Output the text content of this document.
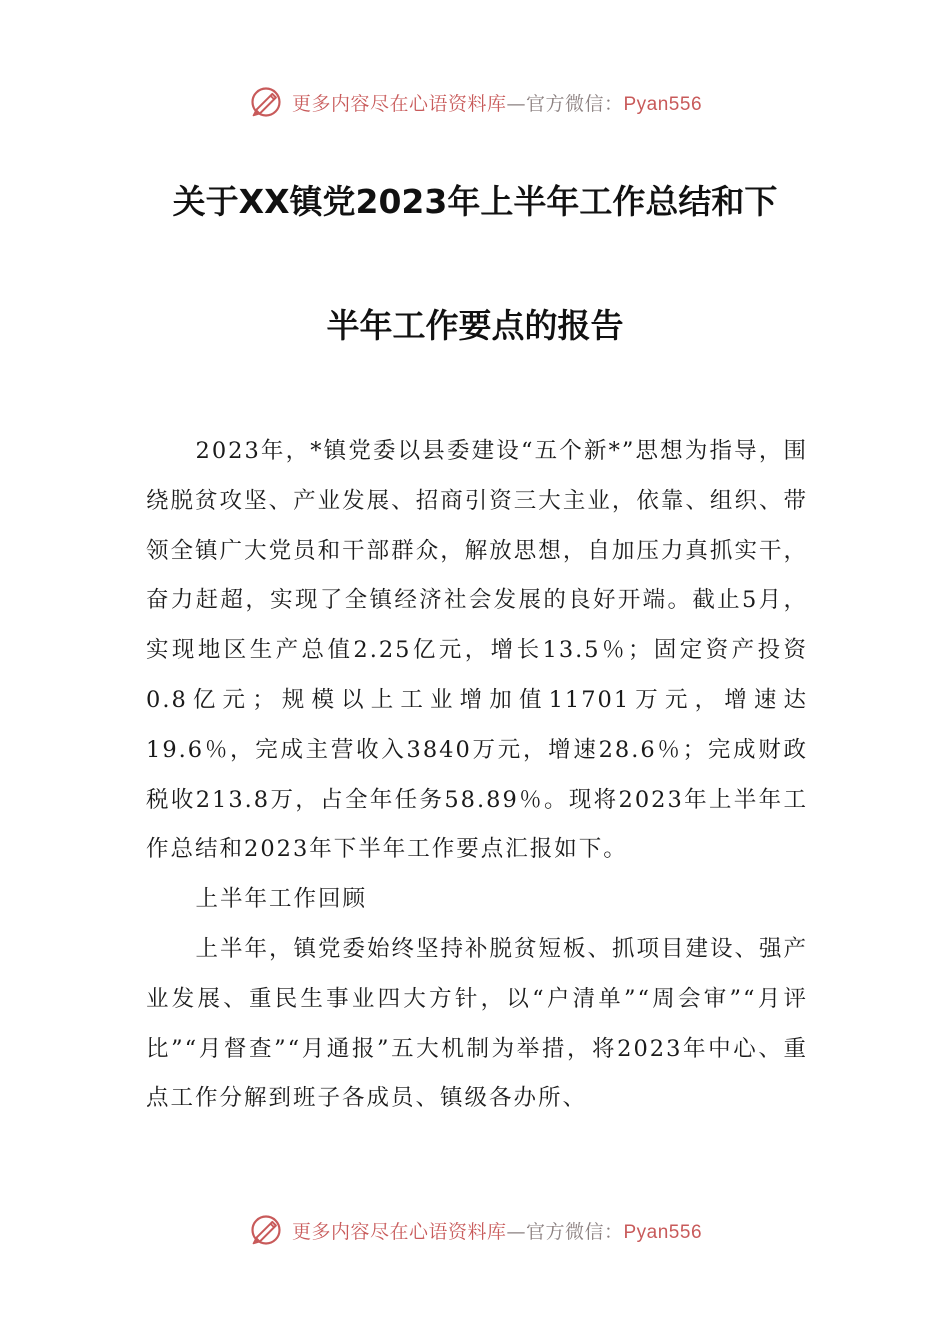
更多内容尽在心语资料库—官方微信：Pyan556
关于XX镇党2023年上半年工作总结和下
半年工作要点的报告

2023年，*镇党委以县委建设“五个新*”思想为指导，围绕脱贫攻坚、产业发展、招商引资三大主业，依靠、组织、带领全镇广大党员和干部群众，解放思想，自加压力真抓实干，奋力赶超，实现了全镇经济社会发展的良好开端。截止5月，实现地区生产总值2.25亿元，增长13.5％；固定资产投资0.8亿元；规模以上工业增加值11701万元，增速达19.6％，完成主营收入3840万元，增速28.6％；完成财政税收213.8万，占全年任务58.89％。现将2023年上半年工作总结和2023年下半年工作要点汇报如下。

上半年工作回顾

上半年，镇党委始终坚持补脱贫短板、抓项目建设、强产业发展、重民生事业四大方针，以“户清单”“周会审”“月评比”“月督查”“月通报”五大机制为举措，将2023年中心、重点工作分解到班子各成员、镇级各办所、

更多内容尽在心语资料库—官方微信：Pyan556
